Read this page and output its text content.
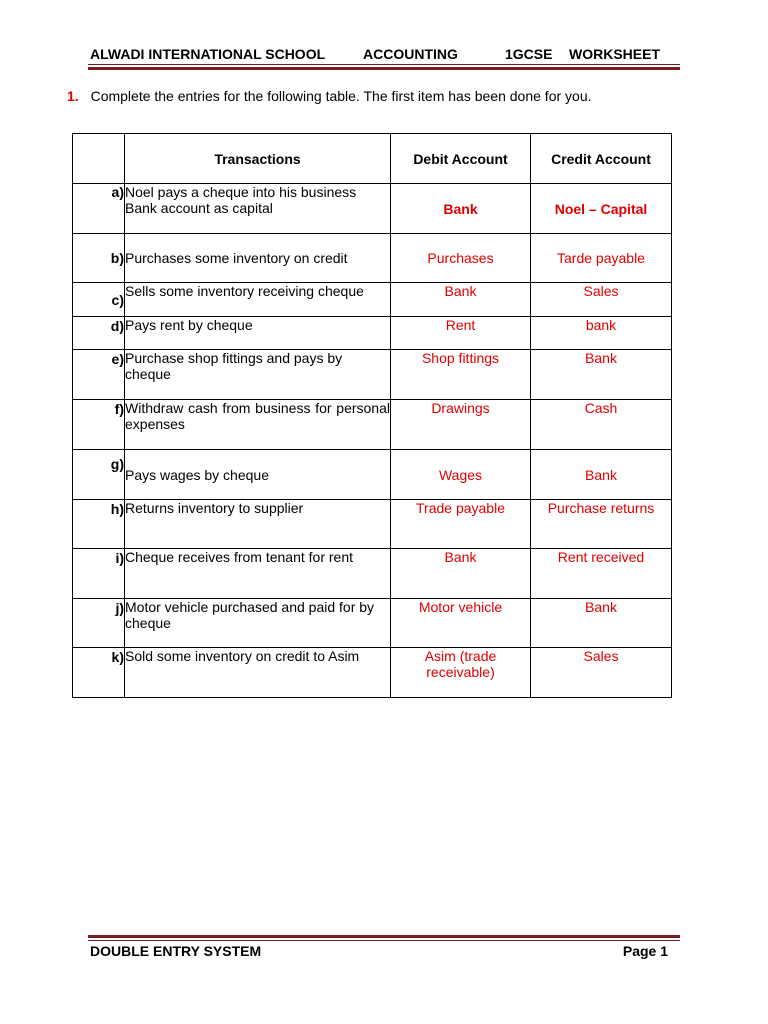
ALWADI INTERNATIONAL SCHOOL	ACCOUNTING	1GCSE WORKSHEET
1. Complete the entries for the following table. The first item has been done for you.
	Transactions	Debit Account	Credit Account
a)	Noel pays a cheque into his business Bank account as capital	Bank	Noel – Capital
b)	Purchases some inventory on credit	Purchases	Tarde payable
c)	Sells some inventory receiving cheque	Bank	Sales
d)	Pays rent by cheque	Rent	bank
e)	Purchase shop fittings and pays by cheque	Shop fittings	Bank
f)	Withdraw cash from business for personal expenses	Drawings	Cash
g)	Pays wages by cheque	Wages	Bank
h)	Returns inventory to supplier	Trade payable	Purchase returns
i)	Cheque receives from tenant for rent	Bank	Rent received
j)	Motor vehicle purchased and paid for by cheque	Motor vehicle	Bank
k)	Sold some inventory on credit to Asim	Asim (trade receivable)	Sales
DOUBLE ENTRY SYSTEM	Page 1
